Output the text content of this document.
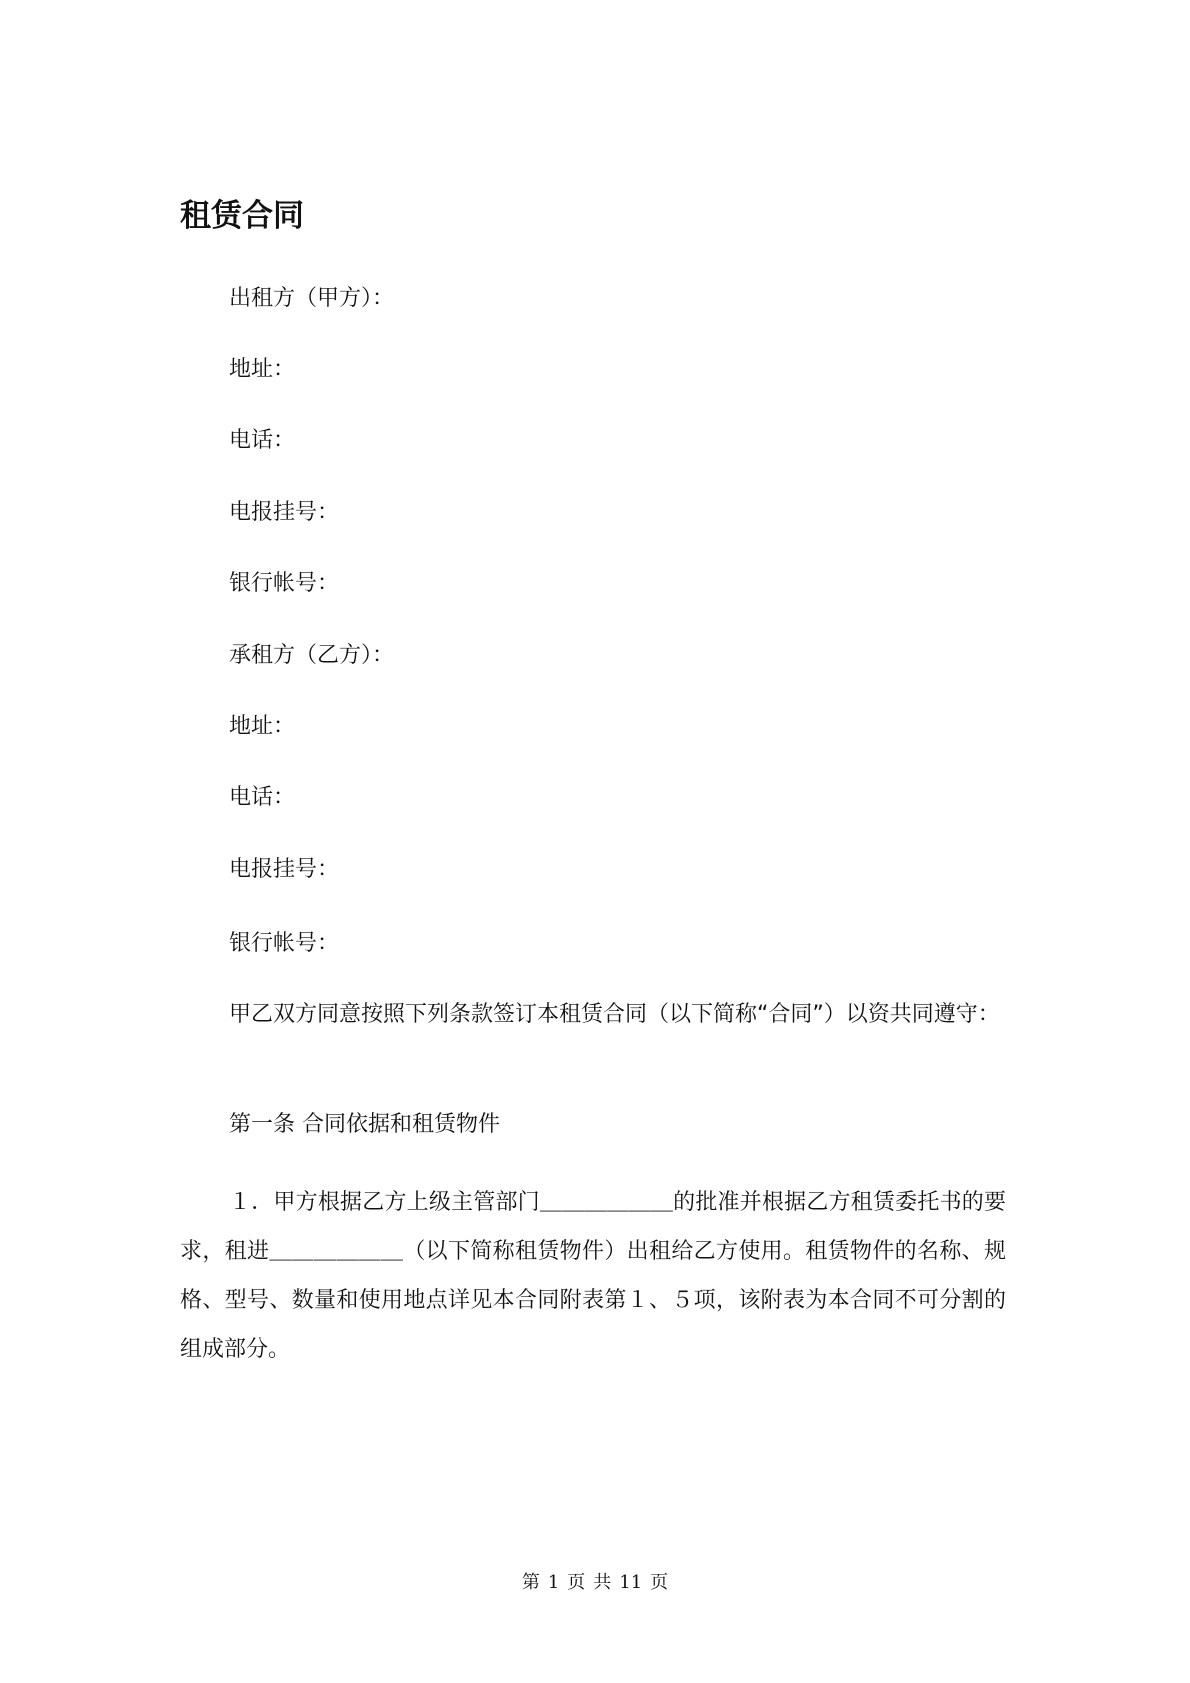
租赁合同
出租方（甲方）：
地址：
电话：
电报挂号：
银行帐号：
承租方（乙方）：
地址：
电话：
电报挂号：
银行帐号：

甲乙双方同意按照下列条款签订本租赁合同（以下简称“合同”）以资共同遵守：

第一条 合同依据和租赁物件

１．甲方根据乙方上级主管部门＿＿＿＿＿＿的批准并根据乙方租赁委托书的要求，租进＿＿＿＿＿＿（以下简称租赁物件）出租给乙方使用。租赁物件的名称、规格、型号、数量和使用地点详见本合同附表第１、５项，该附表为本合同不可分割的组成部分。

第 1 页 共 11 页
